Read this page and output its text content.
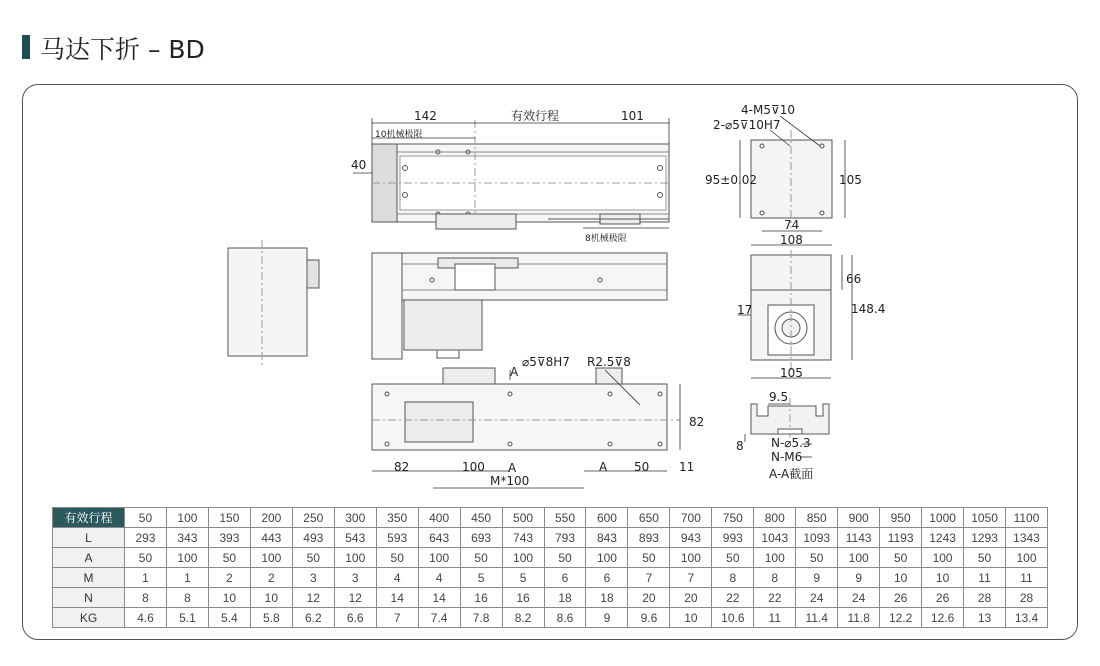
马达下折 – BD
142	有效行程	101
10机械极限
40
8机械极限
4-M5⊽10
2-⌀5⊽10H7
95±0.02	105
74
108
66
17	148.4
105
⌀5⊽8H7 R2.5⊽8
A
82
82	100 A	A 50 11
M*100
9.5
8 N-⌀5.3
N-M6
A-A截面
有效行程	50	100	150	200	250	300	350	400	450	500	550	600	650	700	750	800	850	900	950	1000	1050	1100
L	293	343	393	443	493	543	593	643	693	743	793	843	893	943	993	1043	1093	1143	1193	1243	1293	1343
A	50	100	50	100	50	100	50	100	50	100	50	100	50	100	50	100	50	100	50	100	50	100
M	1	1	2	2	3	3	4	4	5	5	6	6	7	7	8	8	9	9	10	10	11	11
N	8	8	10	10	12	12	14	14	16	16	18	18	20	20	22	22	24	24	26	26	28	28
KG	4.6	5.1	5.4	5.8	6.2	6.6	7	7.4	7.8	8.2	8.6	9	9.6	10	10.6	11	11.4	11.8	12.2	12.6	13	13.4
